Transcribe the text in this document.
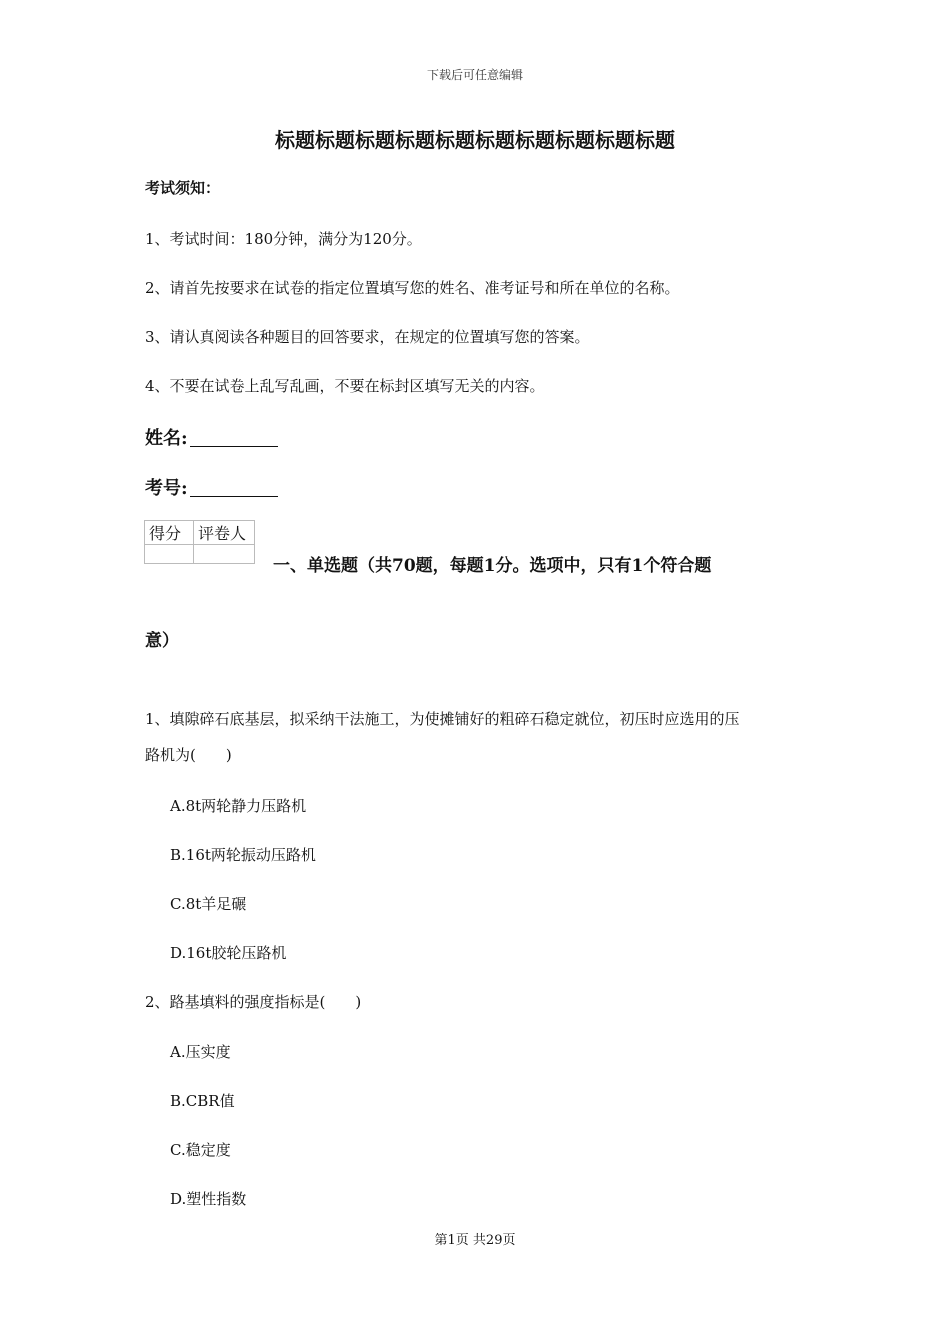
下载后可任意编辑
标题标题标题标题标题标题标题标题标题标题
考试须知：
1、考试时间：180分钟，满分为120分。
2、请首先按要求在试卷的指定位置填写您的姓名、准考证号和所在单位的名称。
3、请认真阅读各种题目的回答要求，在规定的位置填写您的答案。
4、不要在试卷上乱写乱画，不要在标封区填写无关的内容。
姓名:
考号:
得分	评卷人

一、单选题（共70题，每题1分。选项中，只有1个符合题
意）
1、填隙碎石底基层，拟采纳干法施工，为使摊铺好的粗碎石稳定就位，初压时应选用的压
路机为(　　)
A.8t两轮静力压路机
B.16t两轮振动压路机
C.8t羊足碾
D.16t胶轮压路机
2、路基填料的强度指标是(　　)
A.压实度
B.CBR值
C.稳定度
D.塑性指数
第1页 共29页
